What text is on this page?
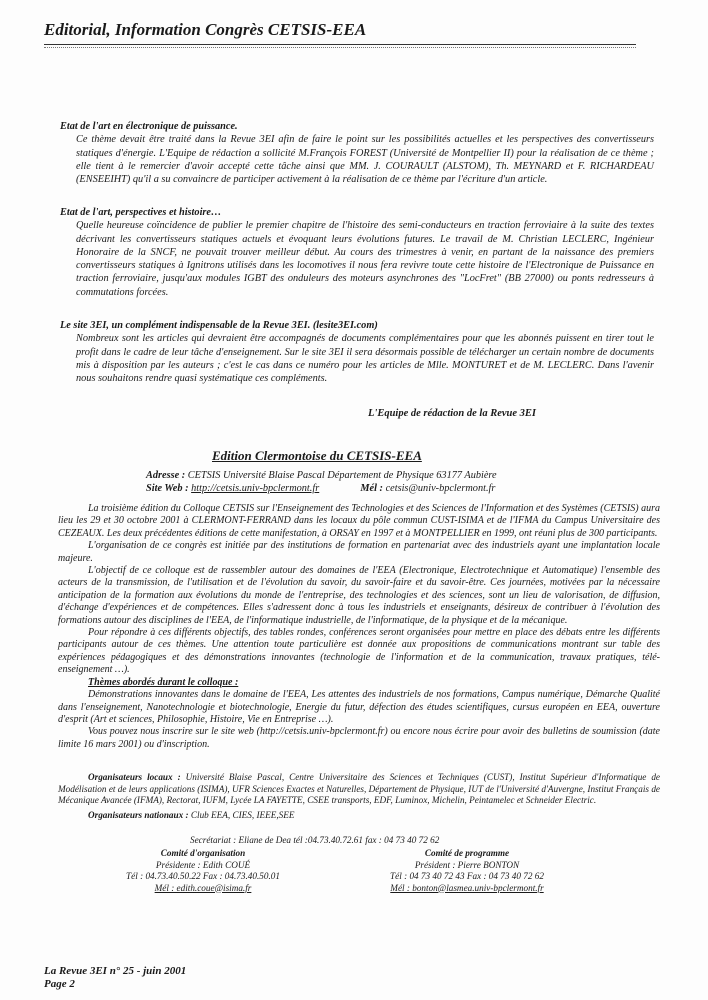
Editorial, Information Congrès CETSIS-EEA

Etat de l'art en électronique de puissance.

Ce thème devait être traité dans la Revue 3EI afin de faire le point sur les possibilités actuelles et les perspectives des convertisseurs statiques d'énergie. L'Equipe de rédaction a sollicité M.François FOREST (Université de Montpellier II) pour la réalisation de ce thème ; elle tient à le remercier d'avoir accepté cette tâche ainsi que MM. J. COURAULT (ALSTOM), Th. MEYNARD et F. RICHARDEAU (ENSEEIHT) qu'il a su convaincre de participer activement à la réalisation de ce thème par l'écriture d'un article.

Etat de l'art, perspectives et histoire…

Quelle heureuse coïncidence de publier le premier chapitre de l'histoire des semi-conducteurs en traction ferroviaire à la suite des textes décrivant les convertisseurs statiques actuels et évoquant leurs évolutions futures. Le travail de M. Christian LECLERC, Ingénieur Honoraire de la SNCF, ne pouvait trouver meilleur début. Au cours des trimestres à venir, en partant de la naissance des premiers convertisseurs statiques à Ignitrons utilisés dans les locomotives il nous fera revivre toute cette histoire de l'Electronique de Puissance en traction ferroviaire, jusqu'aux modules IGBT des onduleurs des moteurs asynchrones des "LocFret" (BB 27000) ou ponts redresseurs à commutations forcées.

Le site 3EI, un complément indispensable de la Revue 3EI. (lesite3EI.com)

Nombreux sont les articles qui devraient être accompagnés de documents complémentaires pour que les abonnés puissent en tirer tout le profit dans le cadre de leur tâche d'enseignement. Sur le site 3EI il sera désormais possible de télécharger un certain nombre de documents mis à disposition par les auteurs ; c'est le cas dans ce numéro pour les articles de Mlle. MONTURET et de M. LECLERC. Dans l'avenir nous souhaitons rendre quasi systématique ces compléments.

L'Equipe de rédaction de la Revue 3EI
Edition Clermontoise du CETSIS-EEA
Adresse : CETSIS Université Blaise Pascal Département de Physique 63177 Aubière
Site Web : http://cetsis.univ-bpclermont.fr	Mél : cetsis@univ-bpclermont.fr

La troisième édition du Colloque CETSIS sur l'Enseignement des Technologies et des Sciences de l'Information et des Systèmes (CETSIS) aura lieu les 29 et 30 octobre 2001 à CLERMONT-FERRAND dans les locaux du pôle commun CUST-ISIMA et de l'IFMA du Campus Universitaire des CEZEAUX. Les deux précédentes éditions de cette manifestation, à ORSAY en 1997 et à MONTPELLIER en 1999, ont réuni plus de 300 participants.

L'organisation de ce congrès est initiée par des institutions de formation en partenariat avec des industriels ayant une implantation locale majeure.

L'objectif de ce colloque est de rassembler autour des domaines de l'EEA (Electronique, Electrotechnique et Automatique) l'ensemble des acteurs de la transmission, de l'utilisation et de l'évolution du savoir, du savoir-faire et du savoir-être. Ces journées, motivées par la nécessaire anticipation de la formation aux évolutions du monde de l'entreprise, des technologies et des sciences, sont un lieu de valorisation, de diffusion, d'échange d'expériences et de compétences. Elles s'adressent donc à tous les industriels et enseignants, désireux de contribuer à l'évolution des formations autour des disciplines de l'EEA, de l'informatique industrielle, de l'informatique, de la physique et de la mécanique.

Pour répondre à ces différents objectifs, des tables rondes, conférences seront organisées pour mettre en place des débats entre les différents participants autour de ces thèmes. Une attention toute particulière est donnée aux propositions de communications montrant sur table des expériences pédagogiques et des démonstrations innovantes (technologie de l'information et de la communication, travaux pratiques, télé-enseignement …).

Thèmes abordés durant le colloque :

Démonstrations innovantes dans le domaine de l'EEA, Les attentes des industriels de nos formations, Campus numérique, Démarche Qualité dans l'enseignement, Nanotechnologie et biotechnologie, Energie du futur, défection des études scientifiques, cursus européen en EEA, ouverture d'esprit (Art et sciences, Philosophie, Histoire, Vie en Entreprise …).

Vous pouvez nous inscrire sur le site web (http://cetsis.univ-bpclermont.fr) ou encore nous écrire pour avoir des bulletins de soumission (date limite 16 mars 2001) ou d'inscription.

Organisateurs locaux : Université Blaise Pascal, Centre Universitaire des Sciences et Techniques (CUST), Institut Supérieur d'Informatique de Modélisation et de leurs applications (ISIMA), UFR Sciences Exactes et Naturelles, Département de Physique, IUT de l'Université d'Auvergne, Institut Français de Mécanique Avancée (IFMA), Rectorat, IUFM, Lycée LA FAYETTE, CSEE transports, EDF, Luminox, Michelin, Peintamelec et Schneider Electric.

Organisateurs nationaux : Club EEA, CIES, IEEE,SEE
Secrétariat : Eliane de Dea tél :04.73.40.72.61 fax : 04 73 40 72 62
Comité d'organisation
Présidente : Edith COUÉ
Tél : 04.73.40.50.22 Fax : 04.73.40.50.01
Mél : edith.coue@isima.fr
Comité de programme
Président : Pierre BONTON
Tél : 04 73 40 72 43 Fax : 04 73 40 72 62
Mél : bonton@lasmea.univ-bpclermont.fr
La Revue 3EI n° 25 - juin 2001
Page 2
